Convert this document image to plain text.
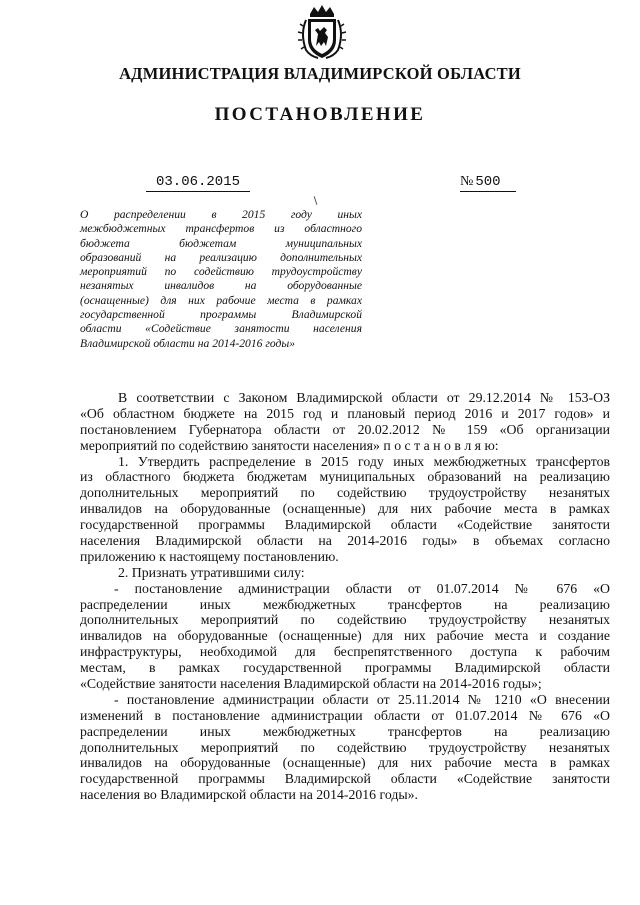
АДМИНИСТРАЦИЯ ВЛАДИМИРСКОЙ ОБЛАСТИ
ПОСТАНОВЛЕНИЕ
03.06.2015	№ 500
О распределении в 2015 году иных
межбюджетных трансфертов из областного
бюджета бюджетам муниципальных
образований на реализацию дополнительных
мероприятий по содействию трудоустройству
незанятых инвалидов на оборудованные
(оснащенные) для них рабочие места в рамках
государственной программы Владимирской
области «Содействие занятости населения
Владимирской области на 2014-2016 годы»
В соответствии с Законом Владимирской области от 29.12.2014 № 153-ОЗ
«Об областном бюджете на 2015 год и плановый период 2016 и 2017 годов» и
постановлением Губернатора области от 20.02.2012 № 159 «Об организации
мероприятий по содействию занятости населения» п о с т а н о в л я ю:
1. Утвердить распределение в 2015 году иных межбюджетных трансфертов
из областного бюджета бюджетам муниципальных образований на реализацию
дополнительных мероприятий по содействию трудоустройству незанятых
инвалидов на оборудованные (оснащенные) для них рабочие места в рамках
государственной программы Владимирской области «Содействие занятости
населения Владимирской области на 2014-2016 годы» в объемах согласно
приложению к настоящему постановлению.
2. Признать утратившими силу:
- постановление администрации области от 01.07.2014 № 676 «О
распределении иных межбюджетных трансфертов на реализацию
дополнительных мероприятий по содействию трудоустройству незанятых
инвалидов на оборудованные (оснащенные) для них рабочие места и создание
инфраструктуры, необходимой для беспрепятственного доступа к рабочим
местам, в рамках государственной программы Владимирской области
«Содействие занятости населения Владимирской области на 2014-2016 годы»;
- постановление администрации области от 25.11.2014 № 1210 «О внесении
изменений в постановление администрации области от 01.07.2014 № 676 «О
распределении иных межбюджетных трансфертов на реализацию
дополнительных мероприятий по содействию трудоустройству незанятых
инвалидов на оборудованные (оснащенные) для них рабочие места в рамках
государственной программы Владимирской области «Содействие занятости
населения во Владимирской области на 2014-2016 годы».
